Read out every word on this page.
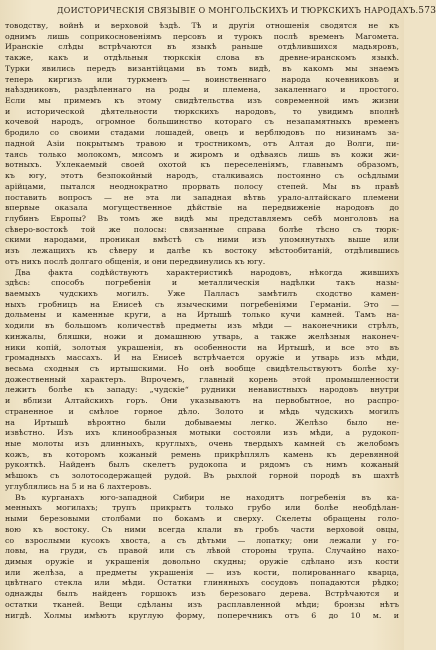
ДОИСТОРИЧЕСКІЯ СВЯЗЫВІЕ О МОНГОЛЬСКИХЪ И ТЮРКСКИХЪ НАРОДАХЪ. 573
товодству, войнѣ и верховой ѣздѣ. Тѣ и другія отношенія сводятся не къ
однимъ лишь соприкосновеніямъ персовъ и турокъ послѣ временъ Магомета.
Иранскіе слѣды встрѣчаются въ языкѣ раньше отдѣлившихся мадьяровъ,
также, какъ и отдѣльныя тюркскія слова въ древне-иранскомъ языкѣ.
Турки явились передъ византійцами въ томъ видѣ, въ какомъ мы знаемъ
теперь киргизъ или туркменъ — воинственнаго народа кочевниковъ и
наѣздниковъ, раздѣленнаго на роды и племена, закаленнаго и простого.
Если мы примемъ къ этому свидѣтельства изъ современной имъ жизни
и исторической дѣятельности тюркскихъ народовъ, то увидимъ вполнѣ
кочевой народъ, огромное большинство котораго съ незапамятныхъ временъ
бродило со своими стадами лошадей, овецъ и верблюдовъ по низинамъ за-
падной Азіи покрытымъ травою и тростникомъ, отъ Алтая до Волги, пи-
таясь только молокомъ, мясомъ и жиромъ и одѣваясь лишь въ кожи жи-
вотныхъ. Ухлекаемый своей охотой къ переселеніямъ, главнымъ образомъ,
къ югу, этотъ безпокойный народъ, сталкиваясь постоянно съ осѣдлыми
арійцами, пытался неоднократно прорвать полосу степей. Мы въ правѣ
поставить вопросъ — не эта ли западная вѣтвь урало-алтайскаго племени
впервые оказала могущественное дѣйствіе на передвиженіе народовъ до
глубинъ Европы? Въ томъ же видѣ мы представляемъ себѣ монголовъ на
сѣверо-востокѣ той же полосы: связанные справа болѣе тѣсно съ тюрк-
скими народами, проникая вмѣстѣ съ ними изъ упомянутыхъ выше или
изъ лежащихъ къ сѣверу и далѣе къ востоку мѣстообитаній, отдѣлившись
отъ нихъ послѣ долгаго общенія, и они передвинулись къ югу.
Два факта содѣйствуютъ характеристикѣ народовъ, нѣкогда жившихъ
здѣсь: способъ погребенія и металлическія надѣлки такъ назы-
ваемыхъ чудскихъ могилъ. Уже Палласъ замѣтилъ сходство камен-
ныхъ гробницъ на Енисеѣ съ языческими погребеніями Германіи. Это —
дольмены и каменные круги, а на Иртышѣ только кучи камней. Тамъ на-
ходили въ большомъ количествѣ предметы изъ мѣди — наконечники стрѣлъ,
кинжалы, бляшки, ножи и домашнюю утварь, а также желѣзныя наконеч-
ники копій, золотыя украшенія, въ особенности на Иртышѣ, и все это въ
громадныхъ массахъ. И на Енисеѣ встрѣчается оружіе и утварь изъ мѣди,
весьма сходныя съ иртышскими. Но онѣ вообще свидѣтельствуютъ болѣе ху-
дожественный характеръ. Впрочемъ, главный корень этой промышленности
лежитъ болѣе къ западу: „чудскіе“ рудники ненавистныхъ народовъ внутри
и вблизи Алтайскихъ горъ. Они указываютъ на первобытное, но распро-
страненное и смѣлое горное дѣло. Золото и мѣдь чудскихъ могилъ
на Иртышѣ вѣроятно были добываемы легко. Желѣзо было не-
извѣстно. Изъ ихъ клинообразныя мотыки состояли изъ мѣди, а рудокоп-
ные молоты изъ длинныхъ, круглыхъ, очень твердыхъ камней съ желобомъ
кожъ, въ которомъ кожаный ремень прикрѣплялъ камень къ деревянной
рукояткѣ. Найденъ былъ скелетъ рудокопа и рядомъ съ нимъ кожаный
мѣшокъ съ золотосодержащей рудой. Въ рыхлой горной породѣ въ шахтѣ
углублялись на 5 и на 6 лахтеровъ.
Въ курганахъ юго-западной Сибири не находятъ погребенія въ ка-
менныхъ могилахъ; трупъ прикрытъ только грубо или болѣе необдѣлан-
ными березовыми столбами по бокамъ и сверху. Скелеты обращены голо-
вою къ востоку. Съ ними всегда клали въ гробъ части верховой овцы,
со взрослыми кусокъ хвоста, а съ дѣтьми — лопатку; они лежали у го-
ловы, на груди, съ правой или съ лѣвой стороны трупа. Случайно нахо-
димыя оружіе и украшенія довольно скудны; оружіе сдѣлано изъ кости
или желѣза, а предметы украшенія — изъ кости, полированнаго кварца,
цвѣтнаго стекла или мѣди. Остатки глиняныхъ сосудовъ попадаются рѣдко;
однажды былъ найденъ горшокъ изъ березоваго дерева. Встрѣчаются и
остатки тканей. Вещи сдѣланы изъ расплавленной мѣди; бронзы нѣтъ
нигдѣ. Холмы имѣютъ круглую форму, поперечникъ отъ 6 до 10 м. и
